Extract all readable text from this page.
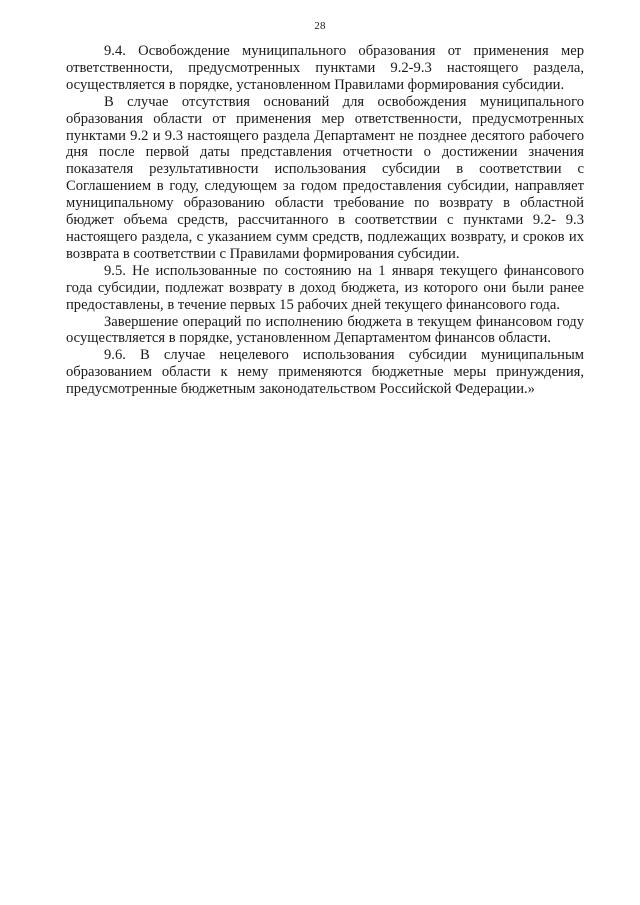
28

9.4. Освобождение муниципального образования от применения мер ответственности, предусмотренных пунктами 9.2-9.3 настоящего раздела, осуществляется в порядке, установленном Правилами формирования субсидии.

В случае отсутствия оснований для освобождения муниципального образования области от применения мер ответственности, предусмотренных пунктами 9.2 и 9.3 настоящего раздела Департамент не позднее десятого рабочего дня после первой даты представления отчетности о достижении значения показателя результативности использования субсидии в соответствии с Соглашением в году, следующем за годом предоставления субсидии, направляет муниципальному образованию области требование по возврату в областной бюджет объема средств, рассчитанного в соответствии с пунктами 9.2- 9.3 настоящего раздела, с указанием сумм средств, подлежащих возврату, и сроков их возврата в соответствии с Правилами формирования субсидии.

9.5. Не использованные по состоянию на 1 января текущего финансового года субсидии, подлежат возврату в доход бюджета, из которого они были ранее предоставлены, в течение первых 15 рабочих дней текущего финансового года.

Завершение операций по исполнению бюджета в текущем финансовом году осуществляется в порядке, установленном Департаментом финансов области.

9.6. В случае нецелевого использования субсидии муниципальным образованием области к нему применяются бюджетные меры принуждения, предусмотренные бюджетным законодательством Российской Федерации.»
